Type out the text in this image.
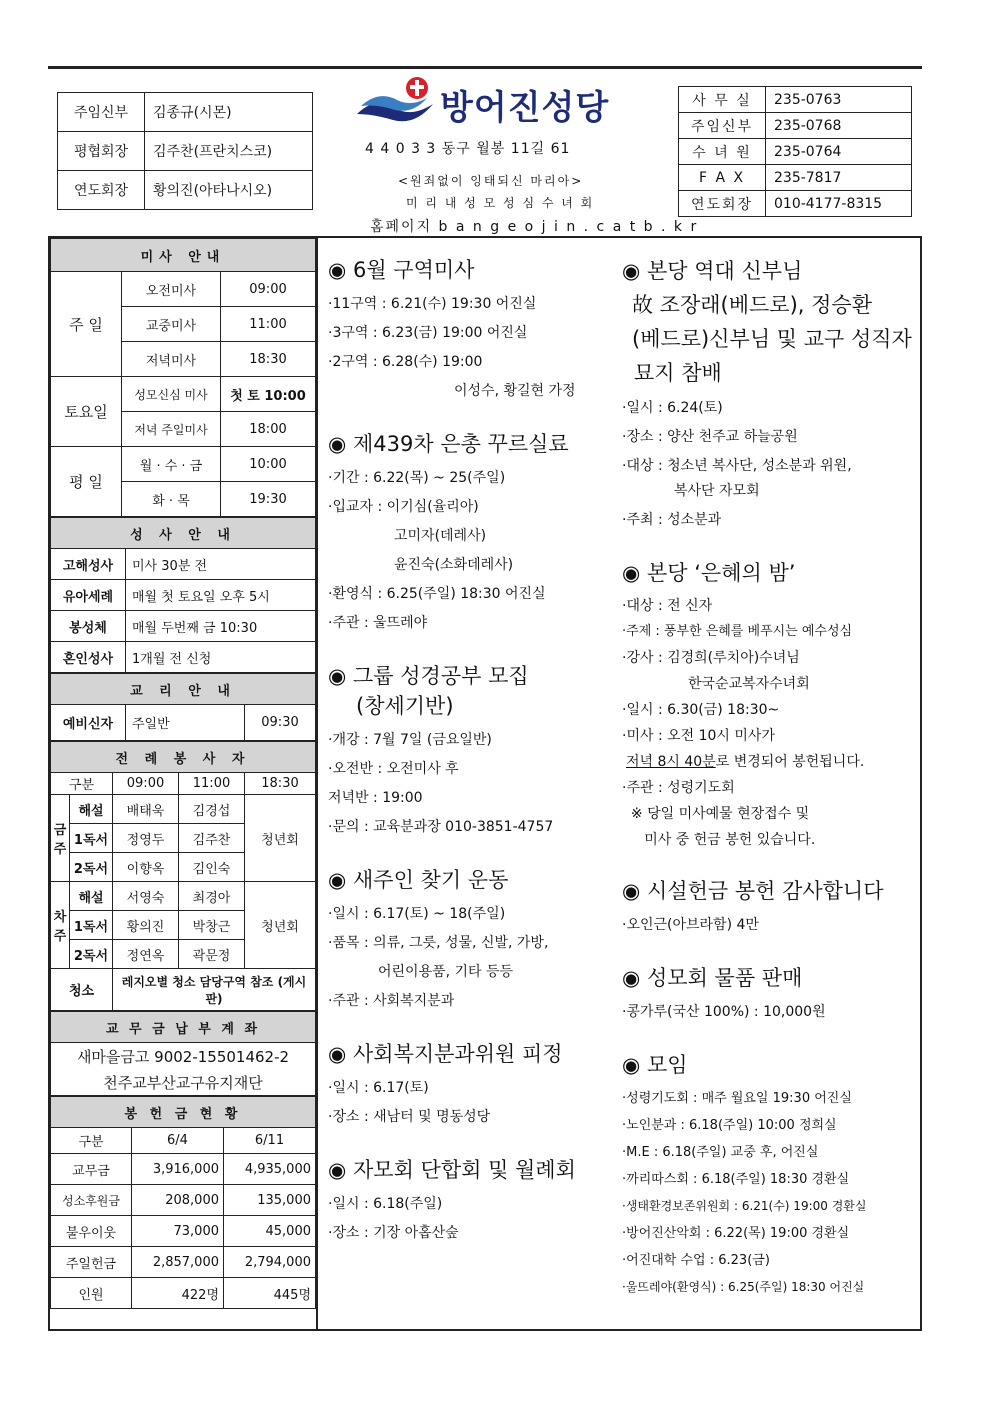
주임신부	김종규(시몬)
평협회장	김주찬(프란치스코)
연도회장	황의진(아타나시오)
방어진성당
4 4 0 3 3 동구 월봉 11길 61
<원죄없이 잉태되신 마리아>
미 리 내 성 모 성 심 수 녀 회
홈페이지 b a n g e o j i n . c a t b . k r
사 무 실	235-0763
주임신부	235-0768
수 녀 원	235-0764
F A X	235-7817
연도회장	010-4177-8315
미사 안내		
주 일	오전미사	09:00
	교중미사	11:00
	저녁미사	18:30
토요일	성모신심 미사	첫 토 10:00
	저녁 주일미사	18:00
평 일	월 · 수 · 금	10:00
	화 · 목	19:30
성 사 안 내	
고해성사	미사 30분 전
유아세례	매월 첫 토요일 오후 5시
봉성체	매월 두번째 금 10:30
혼인성사	1개월 전 신청
교 리 안 내
예비신자	주일반	09:30
전 례 봉 사 자				
구분		09:00	11:00	18:30
금주	해설	배태욱	김경섭	청년회
	1독서	정영두	김주찬	
	2독서	이향옥	김인숙	
차주	해설	서영숙	최경아	청년회
	1독서	황의진	박창근	
	2독서	정연옥	곽문정	
청소		레지오별 청소 담당구역 참조 (게시판)		
교 무 금 납 부 계 좌
새마을금고 9002-15501462-2
천주교부산교구유지재단
봉 헌 금 현 황		
구분	6/4	6/11
교무금	3,916,000	4,935,000
성소후원금	208,000	135,000
불우이웃	73,000	45,000
주일헌금	2,857,000	2,794,000
인원	422명	445명
◉ 6월 구역미사
·11구역 : 6.21(수) 19:30 어진실
·3구역 : 6.23(금) 19:00 어진실
·2구역 : 6.28(수) 19:00
이성수, 황길현 가정
◉ 제439차 은총 꾸르실료
·기간 : 6.22(목) ~ 25(주일)
·입교자 : 이기심(율리아)
고미자(데레사)
윤진숙(소화데레사)
·환영식 : 6.25(주일) 18:30 어진실
·주관 : 울뜨레야
◉ 그룹 성경공부 모집
(창세기반)
·개강 : 7월 7일 (금요일반)
·오전반 : 오전미사 후
저녁반 : 19:00
·문의 : 교육분과장 010-3851-4757
◉ 새주인 찾기 운동
·일시 : 6.17(토) ~ 18(주일)
·품목 : 의류, 그릇, 성물, 신발, 가방,
어린이용품, 기타 등등
·주관 : 사회복지분과
◉ 사회복지분과위원 피정
·일시 : 6.17(토)
·장소 : 새남터 및 명동성당
◉ 자모회 단합회 및 월례회
·일시 : 6.18(주일)
·장소 : 기장 아홉산숲
◉ 본당 역대 신부님
故 조장래(베드로), 정승환
(베드로)신부님 및 교구 성직자
묘지 참배
·일시 : 6.24(토)
·장소 : 양산 천주교 하늘공원
·대상 : 청소년 복사단, 성소분과 위원,
복사단 자모회
·주최 : 성소분과
◉ 본당 ‘은혜의 밤’
·대상 : 전 신자
·주제 : 풍부한 은혜를 베푸시는 예수성심
·강사 : 김경희(루치아)수녀님
한국순교복자수녀회
·일시 : 6.30(금) 18:30~
·미사 : 오전 10시 미사가
저녁 8시 40분로 변경되어 봉헌됩니다.
·주관 : 성령기도회
※ 당일 미사예물 현장접수 및
미사 중 헌금 봉헌 있습니다.
◉ 시설헌금 봉헌 감사합니다
·오인근(아브라함) 4만
◉ 성모회 물품 판매
·콩가루(국산 100%) : 10,000원
◉ 모임
·성령기도회 : 매주 월요일 19:30 어진실
·노인분과 : 6.18(주일) 10:00 정희실
·M.E : 6.18(주일) 교중 후, 어진실
·까리따스회 : 6.18(주일) 18:30 경환실
·생태환경보존위원회 : 6.21(수) 19:00 경환실
·방어진산악회 : 6.22(목) 19:00 경환실
·어진대학 수업 : 6.23(금)
·울뜨레야(환영식) : 6.25(주일) 18:30 어진실
